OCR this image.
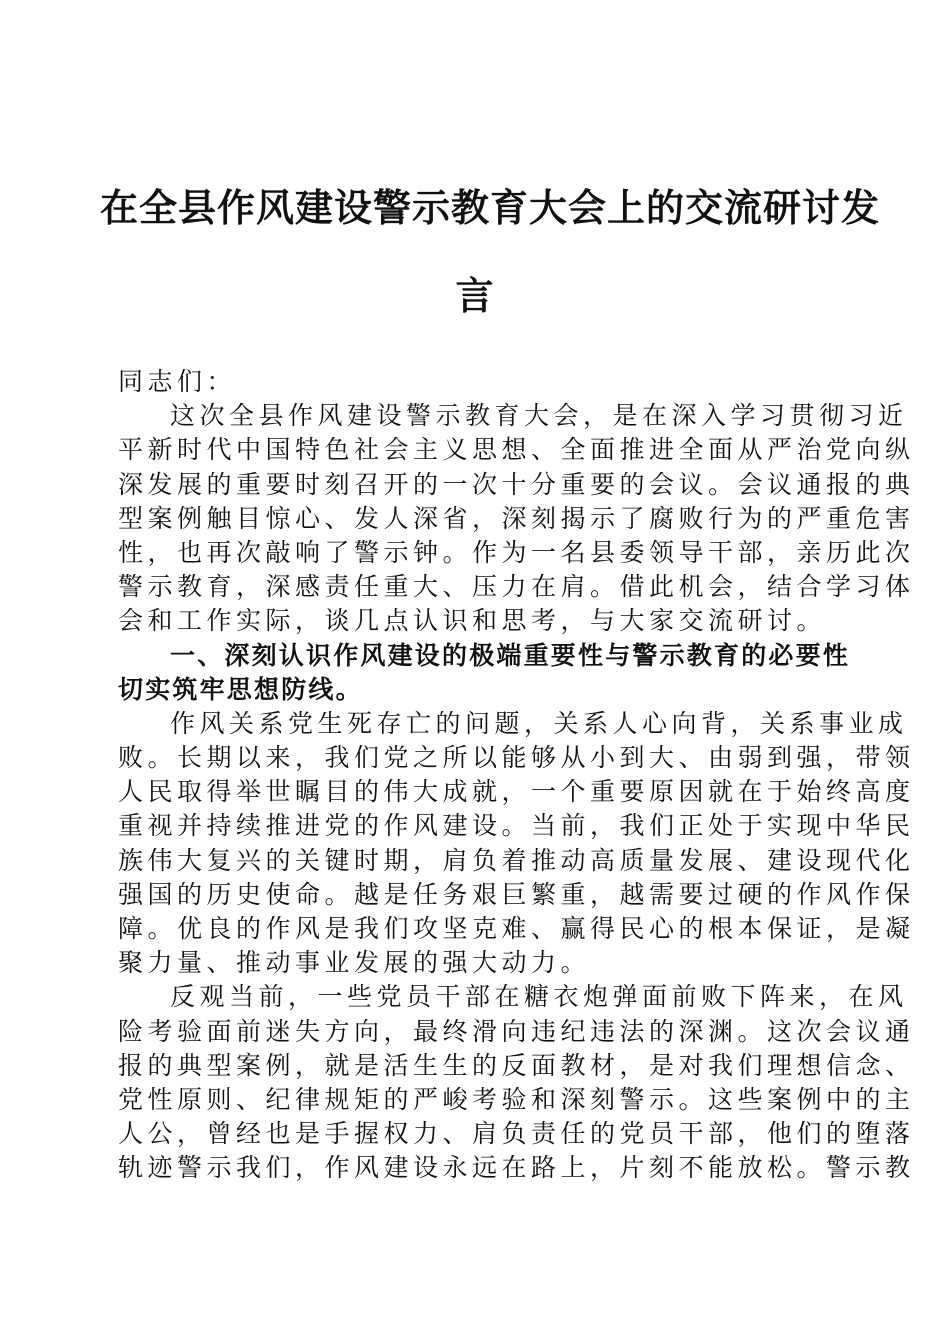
在全县作风建设警示教育大会上的交流研讨发
言
同志们：
这次全县作风建设警示教育大会，是在深入学习贯彻习近
平新时代中国特色社会主义思想、全面推进全面从严治党向纵
深发展的重要时刻召开的一次十分重要的会议。会议通报的典
型案例触目惊心、发人深省，深刻揭示了腐败行为的严重危害
性，也再次敲响了警示钟。作为一名县委领导干部，亲历此次
警示教育，深感责任重大、压力在肩。借此机会，结合学习体
会和工作实际，谈几点认识和思考，与大家交流研讨。
一、深刻认识作风建设的极端重要性与警示教育的必要性
切实筑牢思想防线。
作风关系党生死存亡的问题，关系人心向背，关系事业成
败。长期以来，我们党之所以能够从小到大、由弱到强，带领
人民取得举世瞩目的伟大成就，一个重要原因就在于始终高度
重视并持续推进党的作风建设。当前，我们正处于实现中华民
族伟大复兴的关键时期，肩负着推动高质量发展、建设现代化
强国的历史使命。越是任务艰巨繁重，越需要过硬的作风作保
障。优良的作风是我们攻坚克难、赢得民心的根本保证，是凝
聚力量、推动事业发展的强大动力。
反观当前，一些党员干部在糖衣炮弹面前败下阵来，在风
险考验面前迷失方向，最终滑向违纪违法的深渊。这次会议通
报的典型案例，就是活生生的反面教材，是对我们理想信念、
党性原则、纪律规矩的严峻考验和深刻警示。这些案例中的主
人公，曾经也是手握权力、肩负责任的党员干部，他们的堕落
轨迹警示我们，作风建设永远在路上，片刻不能放松。警示教
